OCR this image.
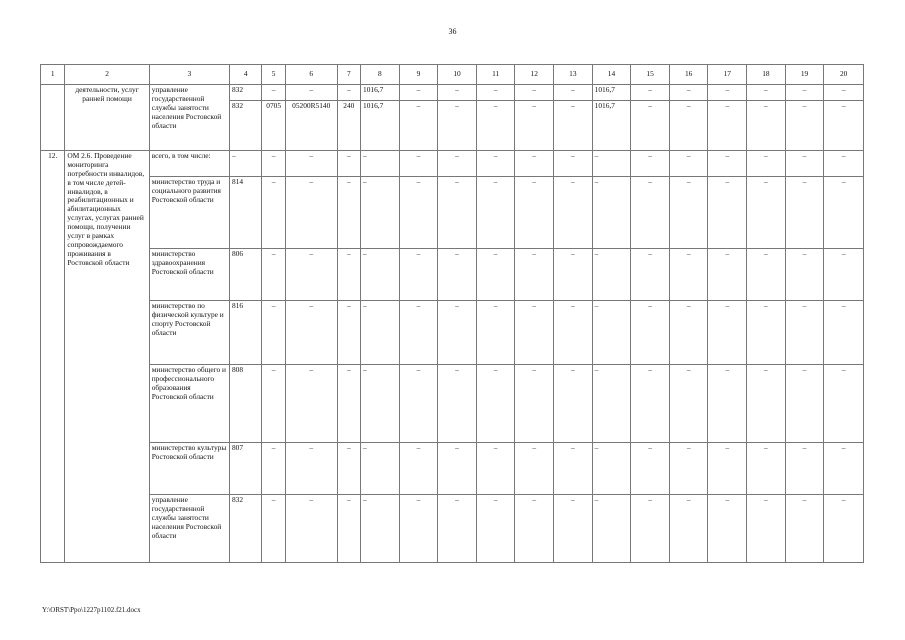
36
1	2	3	4	5	6	7	8	9	10	11	12	13	14	15	16	17	18	19	20
	деятельности, услуг ранней помощи	управление государственной службы занятости населения Ростовской области	832	–	–	–	1016,7	–	–	–	–	–	1016,7	–	–	–	–	–	–
			832	0705	05200R5140	240	1016,7	–	–	–	–	–	1016,7	–	–	–	–	–	–
12.	ОМ 2.6. Проведение мониторинга потребности инвалидов, в том числе детей-инвалидов, в реабилитационных и абилитационных услугах, услугах ранней помощи, получении услуг в рамках сопровождаемого проживания в Ростовской области	всего, в том числе:	–	–	–	–	–	–	–	–	–	–	–	–	–	–	–	–	–
		министерство труда и социального развития Ростовской области	814	–	–	–	–	–	–	–	–	–	–	–	–	–	–	–	–
		министерство здравоохранения Ростовской области	806	–	–	–	–	–	–	–	–	–	–	–	–	–	–	–	–
		министерство по физической культуре и спорту Ростовской области	816	–	–	–	–	–	–	–	–	–	–	–	–	–	–	–	–
		министерство общего и профессионального образования Ростовской области	808	–	–	–	–	–	–	–	–	–	–	–	–	–	–	–	–
		министерство культуры Ростовской области	807	–	–	–	–	–	–	–	–	–	–	–	–	–	–	–	–
		управление государственной службы занятости населения Ростовской области	832	–	–	–	–	–	–	–	–	–	–	–	–	–	–	–	–
Y:\ORST\Ppo\1227p1102.f21.docx
